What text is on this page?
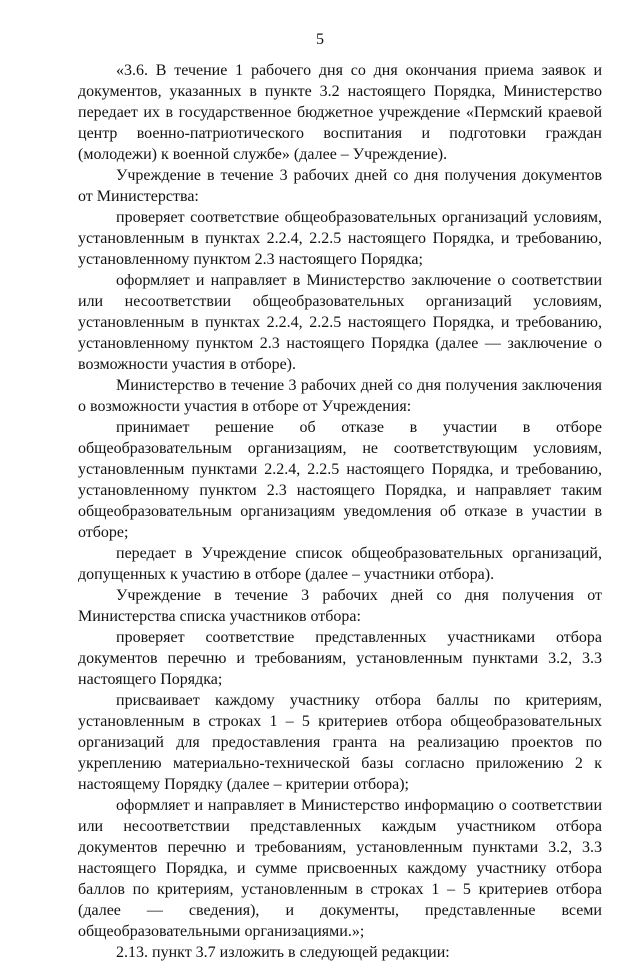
5

«3.6. В течение 1 рабочего дня со дня окончания приема заявок и документов, указанных в пункте 3.2 настоящего Порядка, Министерство передает их в государственное бюджетное учреждение «Пермский краевой центр военно-патриотического воспитания и подготовки граждан (молодежи) к военной службе» (далее – Учреждение).

Учреждение в течение 3 рабочих дней со дня получения документов от Министерства:

проверяет соответствие общеобразовательных организаций условиям, установленным в пунктах 2.2.4, 2.2.5 настоящего Порядка, и требованию, установленному пунктом 2.3 настоящего Порядка;

оформляет и направляет в Министерство заключение о соответствии или несоответствии общеобразовательных организаций условиям, установленным в пунктах 2.2.4, 2.2.5 настоящего Порядка, и требованию, установленному пунктом 2.3 настоящего Порядка (далее — заключение о возможности участия в отборе).

Министерство в течение 3 рабочих дней со дня получения заключения о возможности участия в отборе от Учреждения:

принимает решение об отказе в участии в отборе общеобразовательным организациям, не соответствующим условиям, установленным пунктами 2.2.4, 2.2.5 настоящего Порядка, и требованию, установленному пунктом 2.3 настоящего Порядка, и направляет таким общеобразовательным организациям уведомления об отказе в участии в отборе;

передает в Учреждение список общеобразовательных организаций, допущенных к участию в отборе (далее – участники отбора).

Учреждение в течение 3 рабочих дней со дня получения от Министерства списка участников отбора:

проверяет соответствие представленных участниками отбора документов перечню и требованиям, установленным пунктами 3.2, 3.3 настоящего Порядка;

присваивает каждому участнику отбора баллы по критериям, установленным в строках 1 – 5 критериев отбора общеобразовательных организаций для предоставления гранта на реализацию проектов по укреплению материально-технической базы согласно приложению 2 к настоящему Порядку (далее – критерии отбора);

оформляет и направляет в Министерство информацию о соответствии или несоответствии представленных каждым участником отбора документов перечню и требованиям, установленным пунктами 3.2, 3.3 настоящего Порядка, и сумме присвоенных каждому участнику отбора баллов по критериям, установленным в строках 1 – 5 критериев отбора (далее — сведения), и документы, представленные всеми общеобразовательными организациями.»;

2.13. пункт 3.7 изложить в следующей редакции:
